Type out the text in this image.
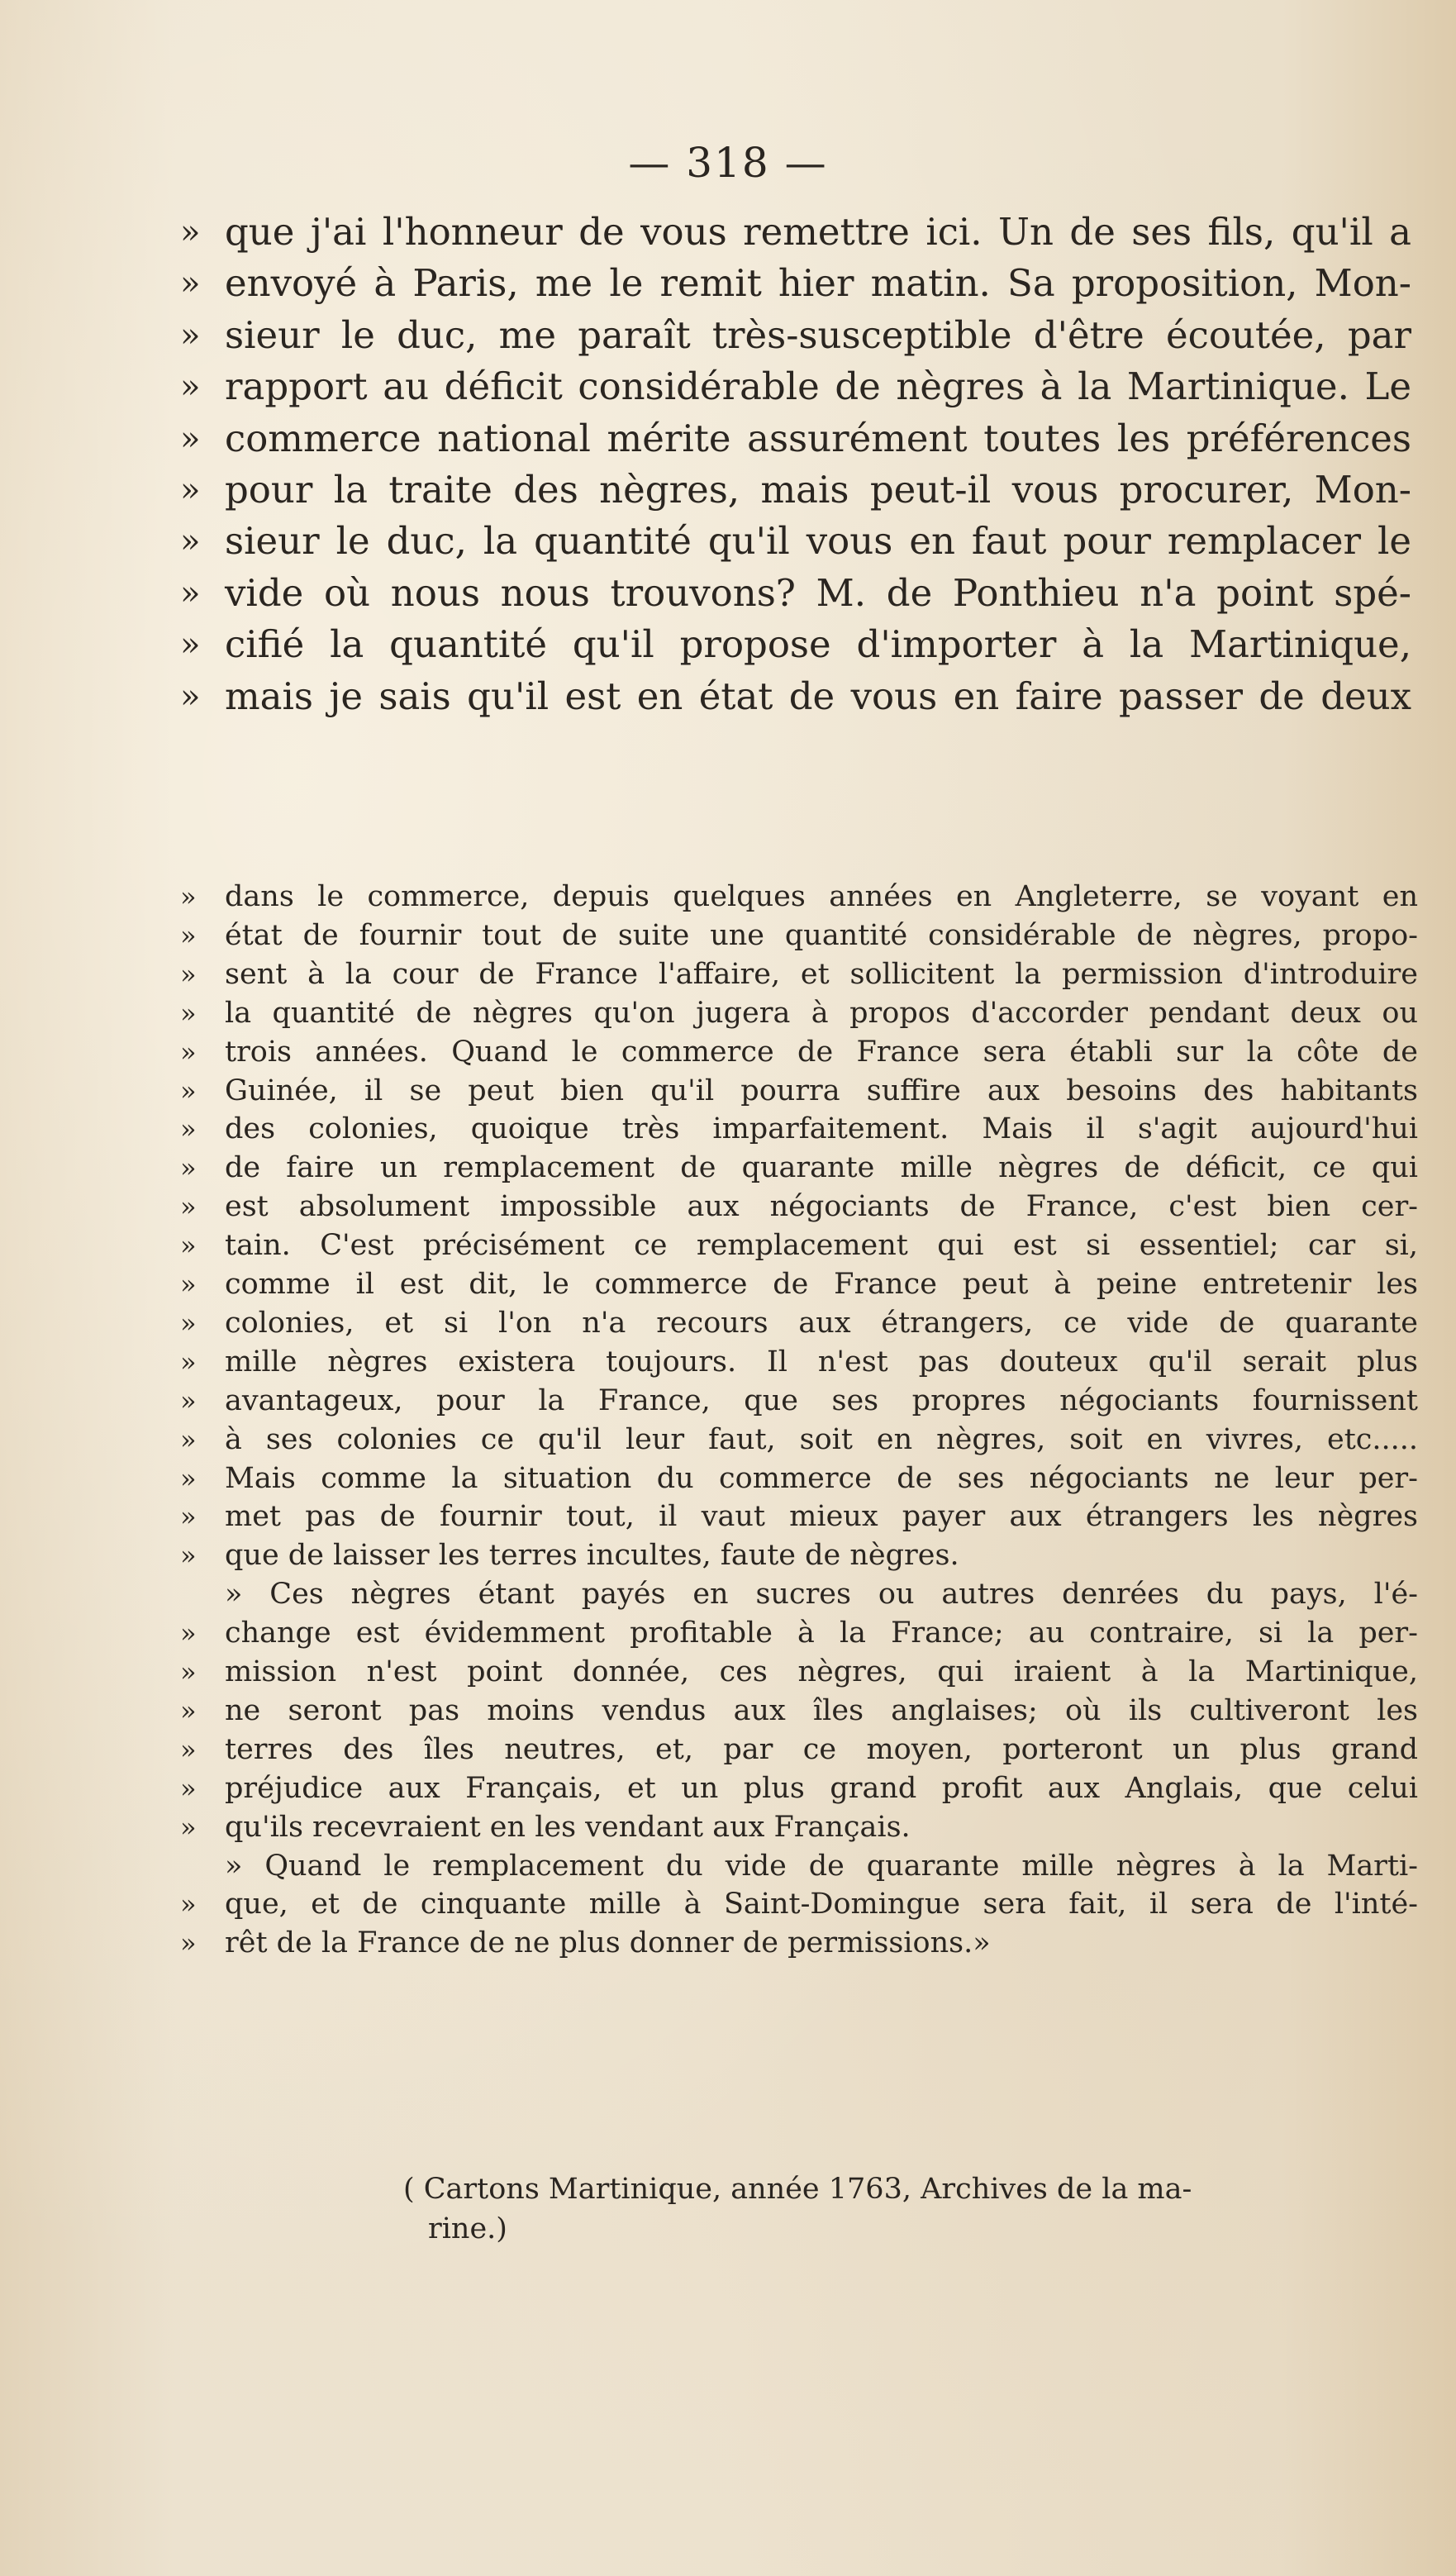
— 318 —
» que j'ai l'honneur de vous remettre ici. Un de ses fils, qu'il a
» envoyé à Paris, me le remit hier matin. Sa proposition, Mon-
» sieur le duc, me paraît très-susceptible d'être écoutée, par
» rapport au déficit considérable de nègres à la Martinique. Le
» commerce national mérite assurément toutes les préférences
» pour la traite des nègres, mais peut-il vous procurer, Mon-
» sieur le duc, la quantité qu'il vous en faut pour remplacer le
» vide où nous nous trouvons? M. de Ponthieu n'a point spé-
» cifié la quantité qu'il propose d'importer à la Martinique,
» mais je sais qu'il est en état de vous en faire passer de deux
» dans le commerce, depuis quelques années en Angleterre, se voyant en
» état de fournir tout de suite une quantité considérable de nègres, propo-
» sent à la cour de France l'affaire, et sollicitent la permission d'introduire
» la quantité de nègres qu'on jugera à propos d'accorder pendant deux ou
» trois années. Quand le commerce de France sera établi sur la côte de
» Guinée, il se peut bien qu'il pourra suffire aux besoins des habitants
» des colonies, quoique très imparfaitement. Mais il s'agit aujourd'hui
» de faire un remplacement de quarante mille nègres de déficit, ce qui
» est absolument impossible aux négociants de France, c'est bien cer-
» tain. C'est précisément ce remplacement qui est si essentiel; car si,
» comme il est dit, le commerce de France peut à peine entretenir les
» colonies, et si l'on n'a recours aux étrangers, ce vide de quarante
» mille nègres existera toujours. Il n'est pas douteux qu'il serait plus
» avantageux, pour la France, que ses propres négociants fournissent
» à ses colonies ce qu'il leur faut, soit en nègres, soit en vivres, etc.....
» Mais comme la situation du commerce de ses négociants ne leur per-
» met pas de fournir tout, il vaut mieux payer aux étrangers les nègres
» que de laisser les terres incultes, faute de nègres.
» Ces nègres étant payés en sucres ou autres denrées du pays, l'é-
» change est évidemment profitable à la France; au contraire, si la per-
» mission n'est point donnée, ces nègres, qui iraient à la Martinique,
» ne seront pas moins vendus aux îles anglaises; où ils cultiveront les
» terres des îles neutres, et, par ce moyen, porteront un plus grand
» préjudice aux Français, et un plus grand profit aux Anglais, que celui
» qu'ils recevraient en les vendant aux Français.
» Quand le remplacement du vide de quarante mille nègres à la Marti-
» que, et de cinquante mille à Saint-Domingue sera fait, il sera de l'inté-
» rêt de la France de ne plus donner de permissions.»
( Cartons Martinique, année 1763, Archives de la ma-
rine.)
